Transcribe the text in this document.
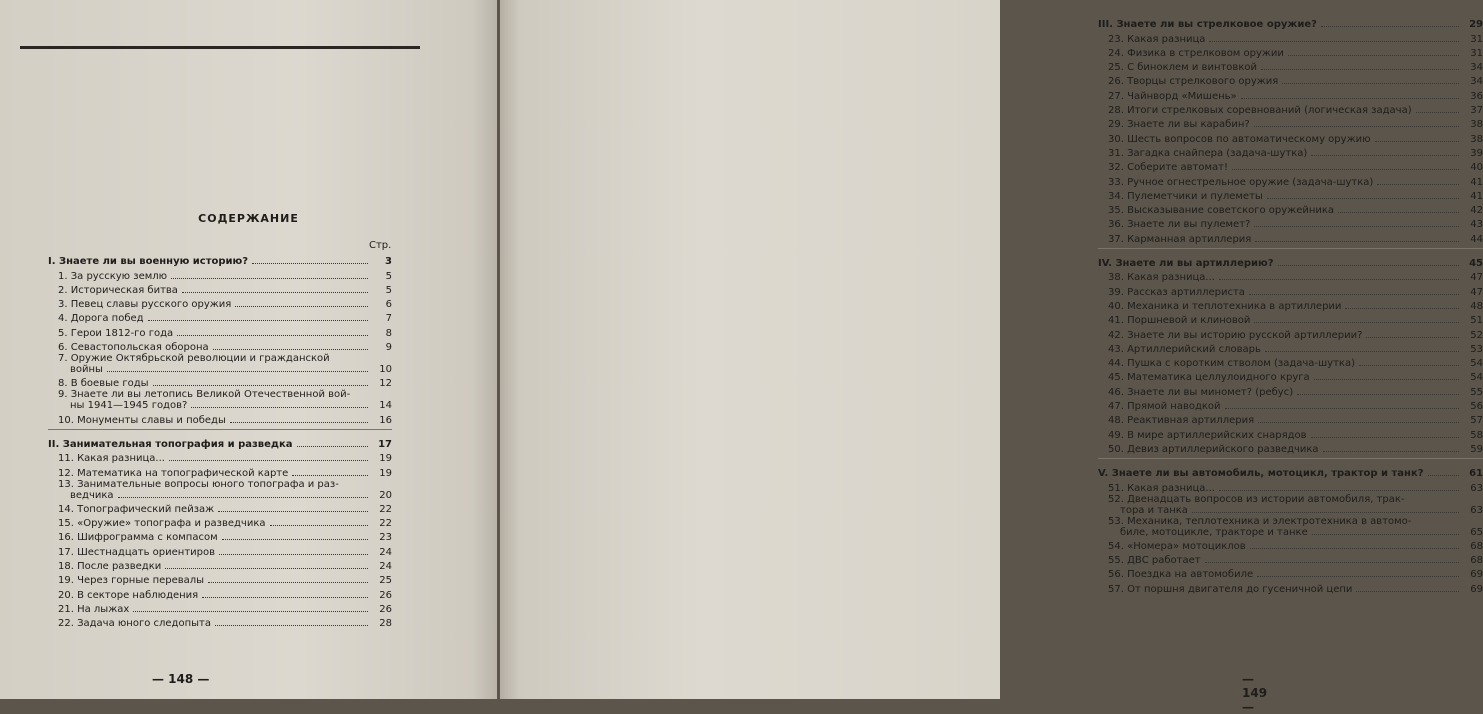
СОДЕРЖАНИЕ
Стр.
I. Знаете ли вы военную историю?	3
1. За русскую землю	5
2. Историческая битва	5
3. Певец славы русского оружия	6
4. Дорога побед	7
5. Герои 1812-го года	8
6. Севастопольская оборона	9
7. Оружие Октябрьской революции и гражданской
войны	10
8. В боевые годы	12
9. Знаете ли вы летопись Великой Отечественной вой-
ны 1941—1945 годов?	14
10. Монументы славы и победы	16
II. Занимательная топография и разведка	17
11. Какая разница...	19
12. Математика на топографической карте	19
13. Занимательные вопросы юного топографа и раз-
ведчика	20
14. Топографический пейзаж	22
15. «Оружие» топографа и разведчика	22
16. Шифрограмма с компасом	23
17. Шестнадцать ориентиров	24
18. После разведки	24
19. Через горные перевалы	25
20. В секторе наблюдения	26
21. На лыжах	26
22. Задача юного следопыта	28
— 148 —
III. Знаете ли вы стрелковое оружие?	29
23. Какая разница	31
24. Физика в стрелковом оружии	31
25. С биноклем и винтовкой	34
26. Творцы стрелкового оружия	34
27. Чайнворд «Мишень»	36
28. Итоги стрелковых соревнований (логическая задача)	37
29. Знаете ли вы карабин?	38
30. Шесть вопросов по автоматическому оружию	38
31. Загадка снайпера (задача-шутка)	39
32. Соберите автомат!	40
33. Ручное огнестрельное оружие (задача-шутка)	41
34. Пулеметчики и пулеметы	41
35. Высказывание советского оружейника	42
36. Знаете ли вы пулемет?	43
37. Карманная артиллерия	44
IV. Знаете ли вы артиллерию?	45
38. Какая разница...	47
39. Рассказ артиллериста	47
40. Механика и теплотехника в артиллерии	48
41. Поршневой и клиновой	51
42. Знаете ли вы историю русской артиллерии?	52
43. Артиллерийский словарь	53
44. Пушка с коротким стволом (задача-шутка)	54
45. Математика целлулоидного круга	54
46. Знаете ли вы миномет? (ребус)	55
47. Прямой наводкой	56
48. Реактивная артиллерия	57
49. В мире артиллерийских снарядов	58
50. Девиз артиллерийского разведчика	59
V. Знаете ли вы автомобиль, мотоцикл, трактор и танк?	61
51. Какая разница...	63
52. Двенадцать вопросов из истории автомобиля, трак-
тора и танка	63
53. Механика, теплотехника и электротехника в автомо-
биле, мотоцикле, тракторе и танке	65
54. «Номера» мотоциклов	68
55. ДВС работает	68
56. Поездка на автомобиле	69
57. От поршня двигателя до гусеничной цепи	69
— 149 —
